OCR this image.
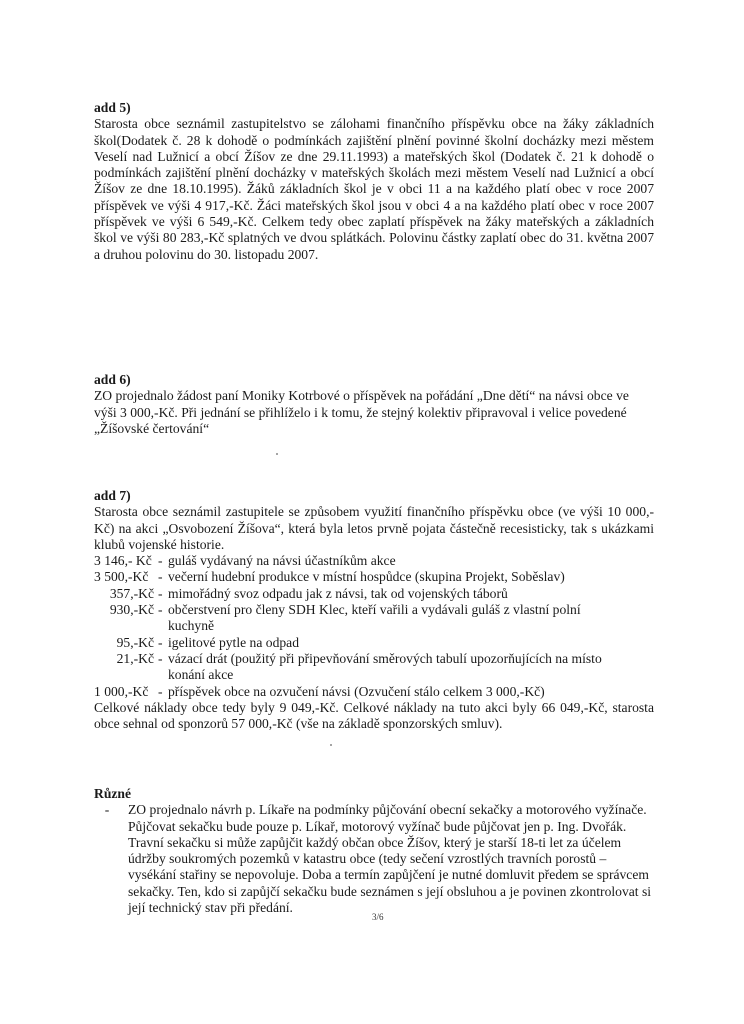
add 5)

Starosta obce seznámil zastupitelstvo se zálohami finančního příspěvku obce na žáky základních škol(Dodatek č. 28 k dohodě o podmínkách zajištění plnění povinné školní docházky mezi městem Veselí nad Lužnicí a obcí Žíšov ze dne 29.11.1993) a mateřských škol (Dodatek č. 21 k dohodě o podmínkách zajištění plnění docházky v mateřských školách mezi městem Veselí nad Lužnicí a obcí Žíšov ze dne 18.10.1995). Žáků základních škol je v obci 11 a na každého platí obec v roce 2007 příspěvek ve výši 4 917,-Kč. Žáci mateřských škol jsou v obci 4 a na každého platí obec v roce 2007 příspěvek ve výši 6 549,-Kč. Celkem tedy obec zaplatí příspěvek na žáky mateřských a základních škol ve výši 80 283,-Kč splatných ve dvou splátkách. Polovinu částky zaplatí obec do 31. května 2007 a druhou polovinu do 30. listopadu 2007.

add 6)

ZO projednalo žádost paní Moniky Kotrbové o příspěvek na pořádání „Dne dětí“ na návsi obce ve výši 3 000,-Kč. Při jednání se přihlíželo i k tomu, že stejný kolektiv připravoval i velice povedené „Žíšovské čertování“

add 7)

Starosta obce seznámil zastupitele se způsobem využití finančního příspěvku obce (ve výši 10 000,-Kč) na akci „Osvobození Žíšova“, která byla letos prvně pojata částečně recesisticky, tak s ukázkami klubů vojenské historie.

3 146,- Kč - guláš vydávaný na návsi účastníkům akce
3 500,-Kč - večerní hudební produkce v místní hospůdce (skupina Projekt, Soběslav)
357,-Kč - mimořádný svoz odpadu jak z návsi, tak od vojenských táborů
930,-Kč - občerstvení pro členy SDH Klec, kteří vařili a vydávali guláš z vlastní polní
kuchyně
95,-Kč - igelitové pytle na odpad
21,-Kč - vázací drát (použitý při připevňování směrových tabulí upozorňujících na místo
konání akce
1 000,-Kč - příspěvek obce na ozvučení návsi (Ozvučení stálo celkem 3 000,-Kč)

Celkové náklady obce tedy byly 9 049,-Kč. Celkové náklady na tuto akci byly 66 049,-Kč, starosta obce sehnal od sponzorů 57 000,-Kč (vše na základě sponzorských smluv).

Různé

-	ZO projednalo návrh p. Líkaře na podmínky půjčování obecní sekačky a motorového vyžínače. Půjčovat sekačku bude pouze p. Líkař, motorový vyžínač bude půjčovat jen p. Ing. Dvořák. Travní sekačku si může zapůjčit každý občan obce Žíšov, který je starší 18-ti let za účelem údržby soukromých pozemků v katastru obce (tedy sečení vzrostlých travních porostů – vysékání stařiny se nepovoluje. Doba a termín zapůjčení je nutné domluvit předem se správcem sekačky. Ten, kdo si zapůjčí sekačku bude seznámen s její obsluhou a je povinen zkontrolovat si její technický stav při předání.
3/6
